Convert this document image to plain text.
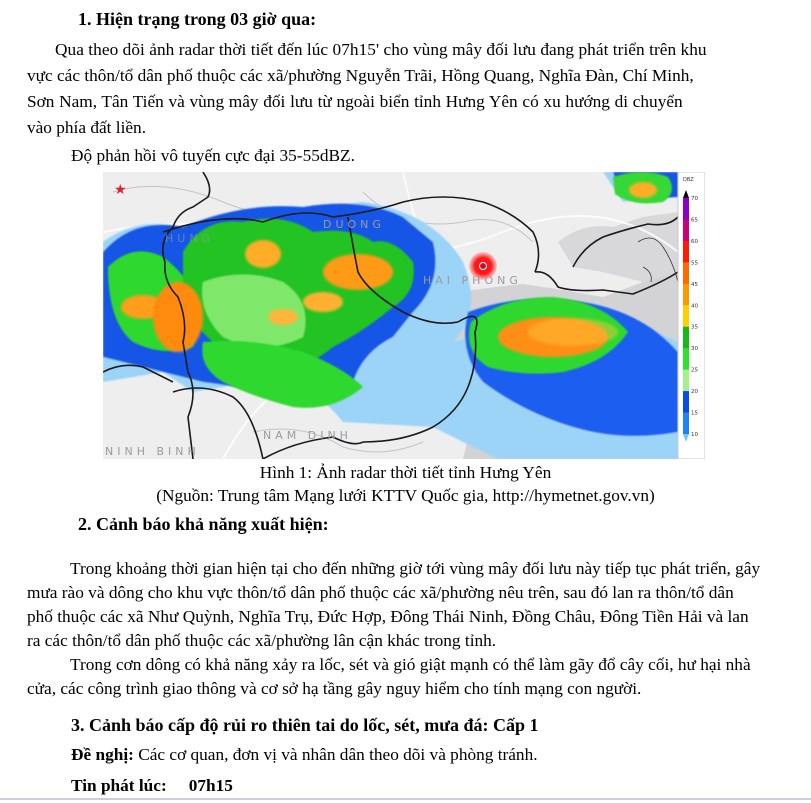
1. Hiện trạng trong 03 giờ qua:
Qua theo dõi ảnh radar thời tiết đến lúc 07h15' cho vùng mây đối lưu đang phát triển trên khu
vực các thôn/tổ dân phố thuộc các xã/phường Nguyễn Trãi, Hồng Quang, Nghĩa Đàn, Chí Minh,
Sơn Nam, Tân Tiến và vùng mây đối lưu từ ngoài biển tỉnh Hưng Yên có xu hướng di chuyển
vào phía đất liền.
Độ phản hồi vô tuyến cực đại 35-55dBZ.
★
DUONG
HUNG
HAI PHONG
NAM DINH
NINH BINH
DBZ
70
65
60
55
45
40
35
30
25
20
15
10
Hình 1: Ảnh radar thời tiết tỉnh Hưng Yên
(Nguồn: Trung tâm Mạng lưới KTTV Quốc gia, http://hymetnet.gov.vn)
2. Cảnh báo khả năng xuất hiện:
Trong khoảng thời gian hiện tại cho đến những giờ tới vùng mây đối lưu này tiếp tục phát triển, gây
mưa rào và dông cho khu vực thôn/tổ dân phố thuộc các xã/phường nêu trên, sau đó lan ra thôn/tổ dân
phố thuộc các xã Như Quỳnh, Nghĩa Trụ, Đức Hợp, Đông Thái Ninh, Đồng Châu, Đông Tiền Hải và lan
ra các thôn/tổ dân phố thuộc các xã/phường lân cận khác trong tỉnh.
Trong cơn dông có khả năng xảy ra lốc, sét và gió giật mạnh có thể làm gãy đổ cây cối, hư hại nhà
cửa, các công trình giao thông và cơ sở hạ tầng gây nguy hiểm cho tính mạng con người.
3. Cảnh báo cấp độ rủi ro thiên tai do lốc, sét, mưa đá: Cấp 1
Đề nghị: Các cơ quan, đơn vị và nhân dân theo dõi và phòng tránh.
Tin phát lúc: 07h15
